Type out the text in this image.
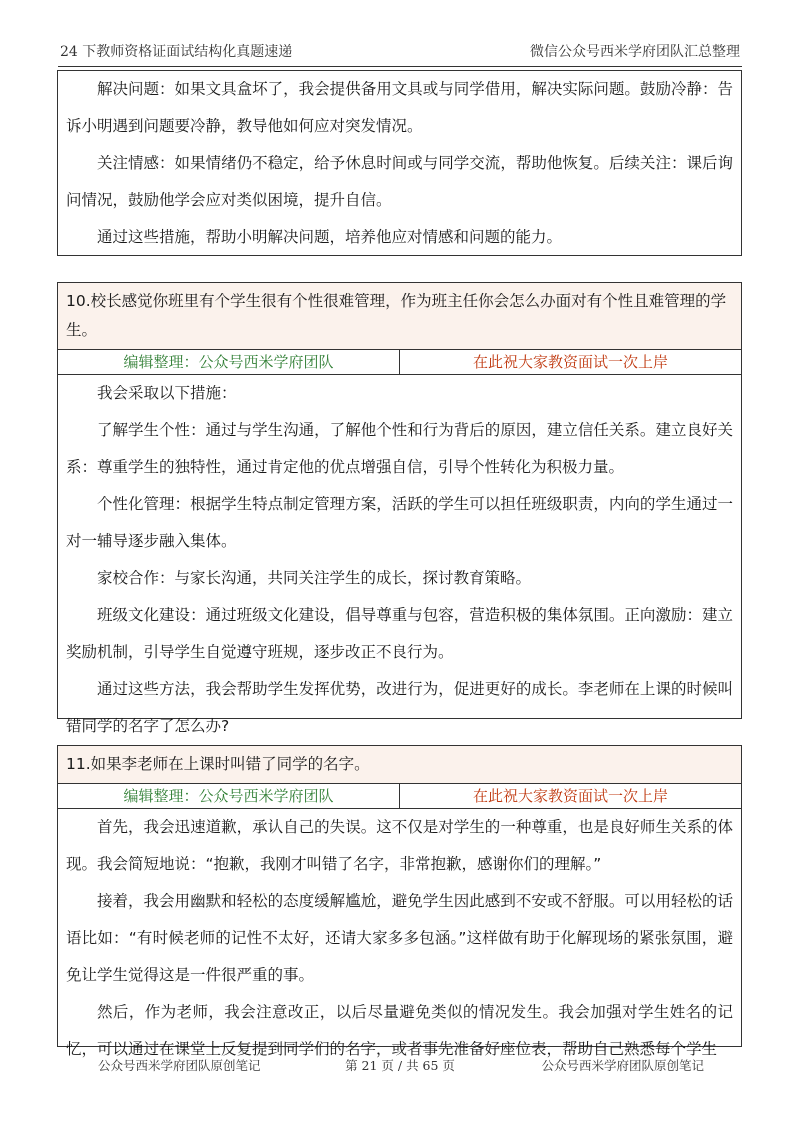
24 下教师资格证面试结构化真题速递	微信公众号西米学府团队汇总整理

解决问题：如果文具盒坏了，我会提供备用文具或与同学借用，解决实际问题。鼓励冷静：告诉小明遇到问题要冷静，教导他如何应对突发情况。

关注情感：如果情绪仍不稳定，给予休息时间或与同学交流，帮助他恢复。后续关注：课后询问情况，鼓励他学会应对类似困境，提升自信。

通过这些措施，帮助小明解决问题，培养他应对情感和问题的能力。

10.校长感觉你班里有个学生很有个性很难管理，作为班主任你会怎么办面对有个性且难管理的学生。
编辑整理：公众号西米学府团队	在此祝大家教资面试一次上岸

我会采取以下措施：

了解学生个性：通过与学生沟通，了解他个性和行为背后的原因，建立信任关系。建立良好关系：尊重学生的独特性，通过肯定他的优点增强自信，引导个性转化为积极力量。

个性化管理：根据学生特点制定管理方案，活跃的学生可以担任班级职责，内向的学生通过一对一辅导逐步融入集体。

家校合作：与家长沟通，共同关注学生的成长，探讨教育策略。

班级文化建设：通过班级文化建设，倡导尊重与包容，营造积极的集体氛围。正向激励：建立奖励机制，引导学生自觉遵守班规，逐步改正不良行为。

通过这些方法，我会帮助学生发挥优势，改进行为，促进更好的成长。李老师在上课的时候叫错同学的名字了怎么办?

11.如果李老师在上课时叫错了同学的名字。
编辑整理：公众号西米学府团队	在此祝大家教资面试一次上岸

首先，我会迅速道歉，承认自己的失误。这不仅是对学生的一种尊重，也是良好师生关系的体现。我会简短地说：“抱歉，我刚才叫错了名字，非常抱歉，感谢你们的理解。”

接着，我会用幽默和轻松的态度缓解尴尬，避免学生因此感到不安或不舒服。可以用轻松的话语比如：“有时候老师的记性不太好，还请大家多多包涵。”这样做有助于化解现场的紧张氛围，避免让学生觉得这是一件很严重的事。

然后，作为老师，我会注意改正，以后尽量避免类似的情况发生。我会加强对学生姓名的记忆，可以通过在课堂上反复提到同学们的名字，或者事先准备好座位表，帮助自己熟悉每个学生

公众号西米学府团队原创笔记	第 21 页 / 共 65 页	公众号西米学府团队原创笔记
